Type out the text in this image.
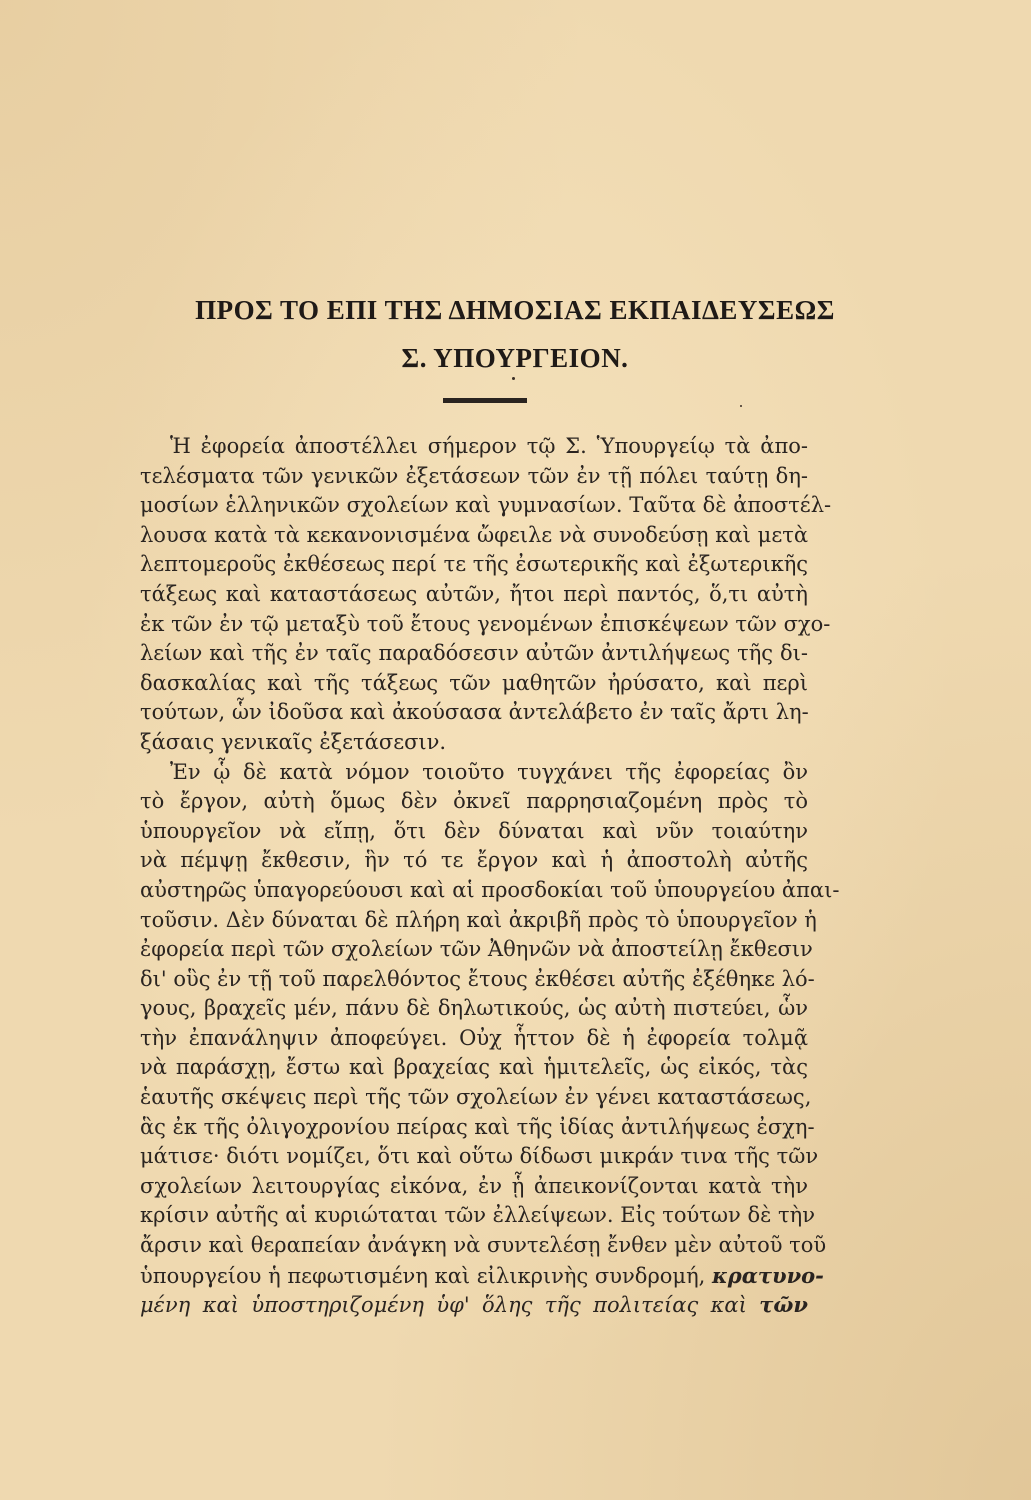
ΠΡΟΣ ΤΟ ΕΠΙ ΤΗΣ ΔΗΜΟΣΙΑΣ ΕΚΠΑΙΔΕΥΣΕΩΣ
Σ. ΥΠΟΥΡΓΕΙΟΝ.
Ἡ ἐφορεία ἀποστέλλει σήμερον τῷ Σ. Ὑπουργείῳ τὰ ἀπο-
τελέσματα τῶν γενικῶν ἐξετάσεων τῶν ἐν τῇ πόλει ταύτῃ δη-
μοσίων ἑλληνικῶν σχολείων καὶ γυμνασίων. Ταῦτα δὲ ἀποστέλ-
λουσα κατὰ τὰ κεκανονισμένα ὤφειλε νὰ συνοδεύσῃ καὶ μετὰ
λεπτομεροῦς ἐκθέσεως περί τε τῆς ἐσωτερικῆς καὶ ἐξωτερικῆς
τάξεως καὶ καταστάσεως αὐτῶν, ἤτοι περὶ παντός, ὅ,τι αὐτὴ
ἐκ τῶν ἐν τῷ μεταξὺ τοῦ ἔτους γενομένων ἐπισκέψεων τῶν σχο-
λείων καὶ τῆς ἐν ταῖς παραδόσεσιν αὐτῶν ἀντιλήψεως τῆς δι-
δασκαλίας καὶ τῆς τάξεως τῶν μαθητῶν ἠρύσατο, καὶ περὶ
τούτων, ὧν ἰδοῦσα καὶ ἀκούσασα ἀντελάβετο ἐν ταῖς ἄρτι λη-
ξάσαις γενικαῖς ἐξετάσεσιν.
Ἐν ᾧ δὲ κατὰ νόμον τοιοῦτο τυγχάνει τῆς ἐφορείας ὂν
τὸ ἔργον, αὐτὴ ὅμως δὲν ὀκνεῖ παρρησιαζομένη πρὸς τὸ
ὑπουργεῖον νὰ εἴπῃ, ὅτι δὲν δύναται καὶ νῦν τοιαύτην
νὰ πέμψῃ ἔκθεσιν, ἣν τό τε ἔργον καὶ ἡ ἀποστολὴ αὐτῆς
αὐστηρῶς ὑπαγορεύουσι καὶ αἱ προσδοκίαι τοῦ ὑπουργείου ἀπαι-
τοῦσιν. Δὲν δύναται δὲ πλήρη καὶ ἀκριβῆ πρὸς τὸ ὑπουργεῖον ἡ
ἐφορεία περὶ τῶν σχολείων τῶν Ἀθηνῶν νὰ ἀποστείλῃ ἔκθεσιν
δι' οὓς ἐν τῇ τοῦ παρελθόντος ἔτους ἐκθέσει αὐτῆς ἐξέθηκε λό-
γους, βραχεῖς μέν, πάνυ δὲ δηλωτικούς, ὡς αὐτὴ πιστεύει, ὧν
τὴν ἐπανάληψιν ἀποφεύγει. Οὐχ ἧττον δὲ ἡ ἐφορεία τολμᾷ
νὰ παράσχῃ, ἔστω καὶ βραχείας καὶ ἡμιτελεῖς, ὡς εἰκός, τὰς
ἑαυτῆς σκέψεις περὶ τῆς τῶν σχολείων ἐν γένει καταστάσεως,
ἃς ἐκ τῆς ὀλιγοχρονίου πείρας καὶ τῆς ἰδίας ἀντιλήψεως ἐσχη-
μάτισε· διότι νομίζει, ὅτι καὶ οὕτω δίδωσι μικράν τινα τῆς τῶν
σχολείων λειτουργίας εἰκόνα, ἐν ᾗ ἀπεικονίζονται κατὰ τὴν
κρίσιν αὐτῆς αἱ κυριώταται τῶν ἐλλείψεων. Εἰς τούτων δὲ τὴν
ἄρσιν καὶ θεραπείαν ἀνάγκη νὰ συντελέσῃ ἔνθεν μὲν αὐτοῦ τοῦ
ὑπουργείου ἡ πεφωτισμένη καὶ εἰλικρινὴς συνδρομή, κρατυνο-
μένη καὶ ὑποστηριζομένη ὑφ' ὅλης τῆς πολιτείας καὶ τῶν
